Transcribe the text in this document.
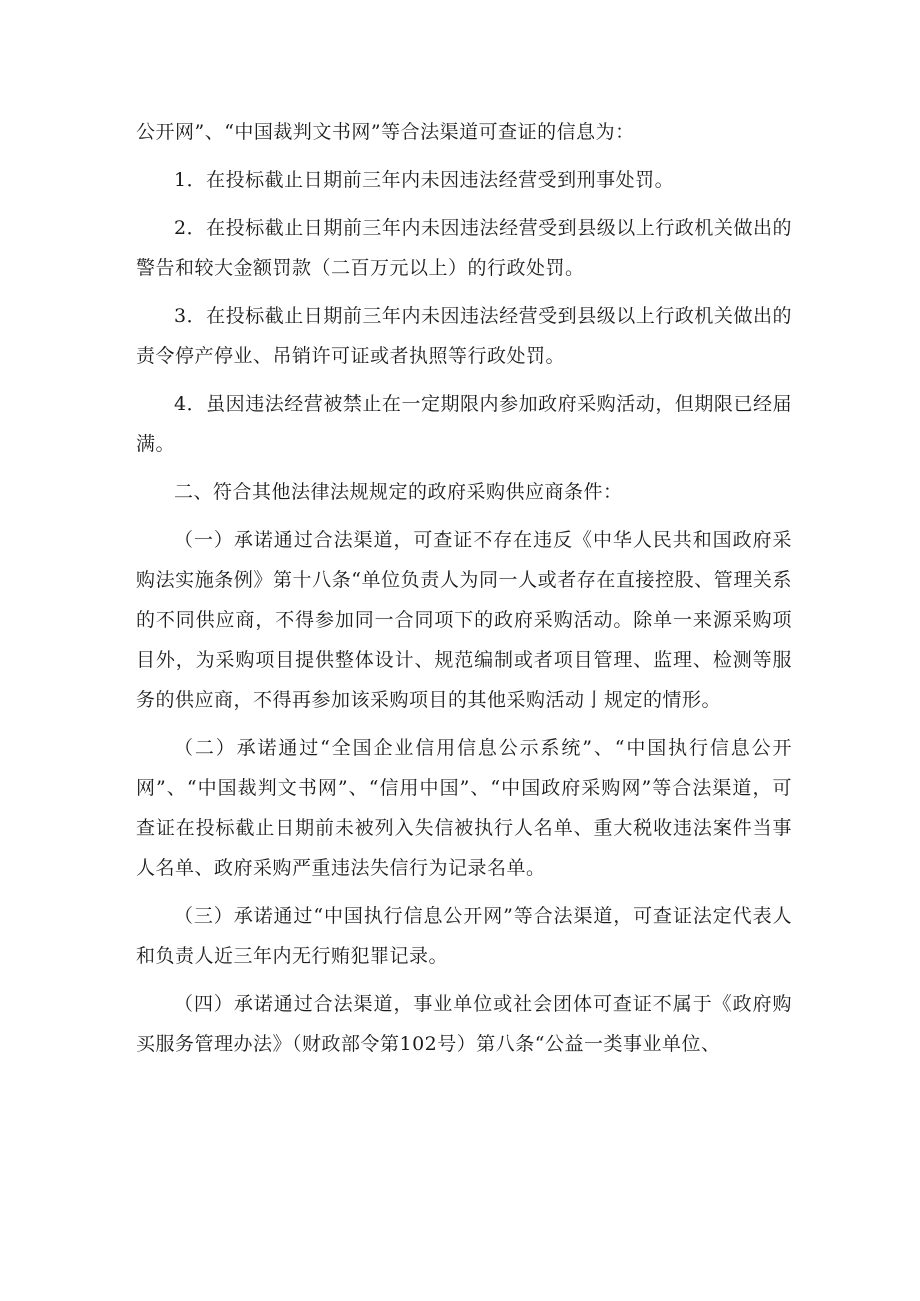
公开网”、“中国裁判文书网”等合法渠道可查证的信息为：

1．在投标截止日期前三年内未因违法经营受到刑事处罚。

2．在投标截止日期前三年内未因违法经营受到县级以上行政机关做出的警告和较大金额罚款（二百万元以上）的行政处罚。

3．在投标截止日期前三年内未因违法经营受到县级以上行政机关做出的责令停产停业、吊销许可证或者执照等行政处罚。

4．虽因违法经营被禁止在一定期限内参加政府采购活动，但期限已经届满。

二、符合其他法律法规规定的政府采购供应商条件：

（一）承诺通过合法渠道，可查证不存在违反《中华人民共和国政府采购法实施条例》第十八条“单位负责人为同一人或者存在直接控股、管理关系的不同供应商，不得参加同一合同项下的政府采购活动。除单一来源采购项目外，为采购项目提供整体设计、规范编制或者项目管理、监理、检测等服务的供应商，不得再参加该采购项目的其他采购活动亅规定的情形。

（二）承诺通过“全国企业信用信息公示系统”、“中国执行信息公开网”、“中国裁判文书网”、“信用中国”、“中国政府采购网”等合法渠道，可查证在投标截止日期前未被列入失信被执行人名单、重大税收违法案件当事人名单、政府采购严重违法失信行为记录名单。

（三）承诺通过“中国执行信息公开网”等合法渠道，可查证法定代表人和负责人近三年内无行贿犯罪记录。

（四）承诺通过合法渠道，事业单位或社会团体可查证不属于《政府购买服务管理办法》（财政部令第102号）第八条“公益一类事业单位、
